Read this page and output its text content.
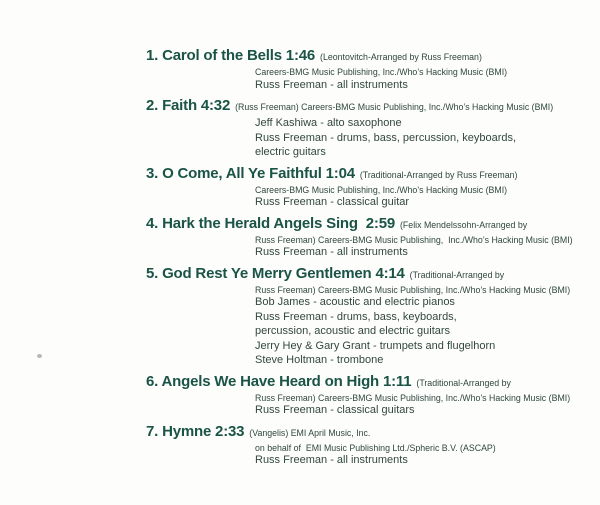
1. Carol of the Bells 1:46 (Leontovitch-Arranged by Russ Freeman)
Careers-BMG Music Publishing, Inc./Who’s Hacking Music (BMI)
Russ Freeman - all instruments
2. Faith 4:32 (Russ Freeman) Careers-BMG Music Publishing, Inc./Who’s Hacking Music (BMI)
Jeff Kashiwa - alto saxophone
Russ Freeman - drums, bass, percussion, keyboards,
electric guitars
3. O Come, All Ye Faithful 1:04 (Traditional-Arranged by Russ Freeman)
Careers-BMG Music Publishing, Inc./Who’s Hacking Music (BMI)
Russ Freeman - classical guitar
4. Hark the Herald Angels Sing  2:59 (Felix Mendelssohn-Arranged by
Russ Freeman) Careers-BMG Music Publishing,  Inc./Who’s Hacking Music (BMI)
Russ Freeman - all instruments
5. God Rest Ye Merry Gentlemen 4:14 (Traditional-Arranged by
Russ Freeman) Careers-BMG Music Publishing, Inc./Who’s Hacking Music (BMI)
Bob James - acoustic and electric pianos
Russ Freeman - drums, bass, keyboards,
percussion, acoustic and electric guitars
Jerry Hey & Gary Grant - trumpets and flugelhorn
Steve Holtman - trombone
6. Angels We Have Heard on High 1:11 (Traditional-Arranged by
Russ Freeman) Careers-BMG Music Publishing, Inc./Who’s Hacking Music (BMI)
Russ Freeman - classical guitars
7. Hymne 2:33 (Vangelis) EMI April Music, Inc.
on behalf of  EMI Music Publishing Ltd./Spheric B.V. (ASCAP)
Russ Freeman - all instruments
